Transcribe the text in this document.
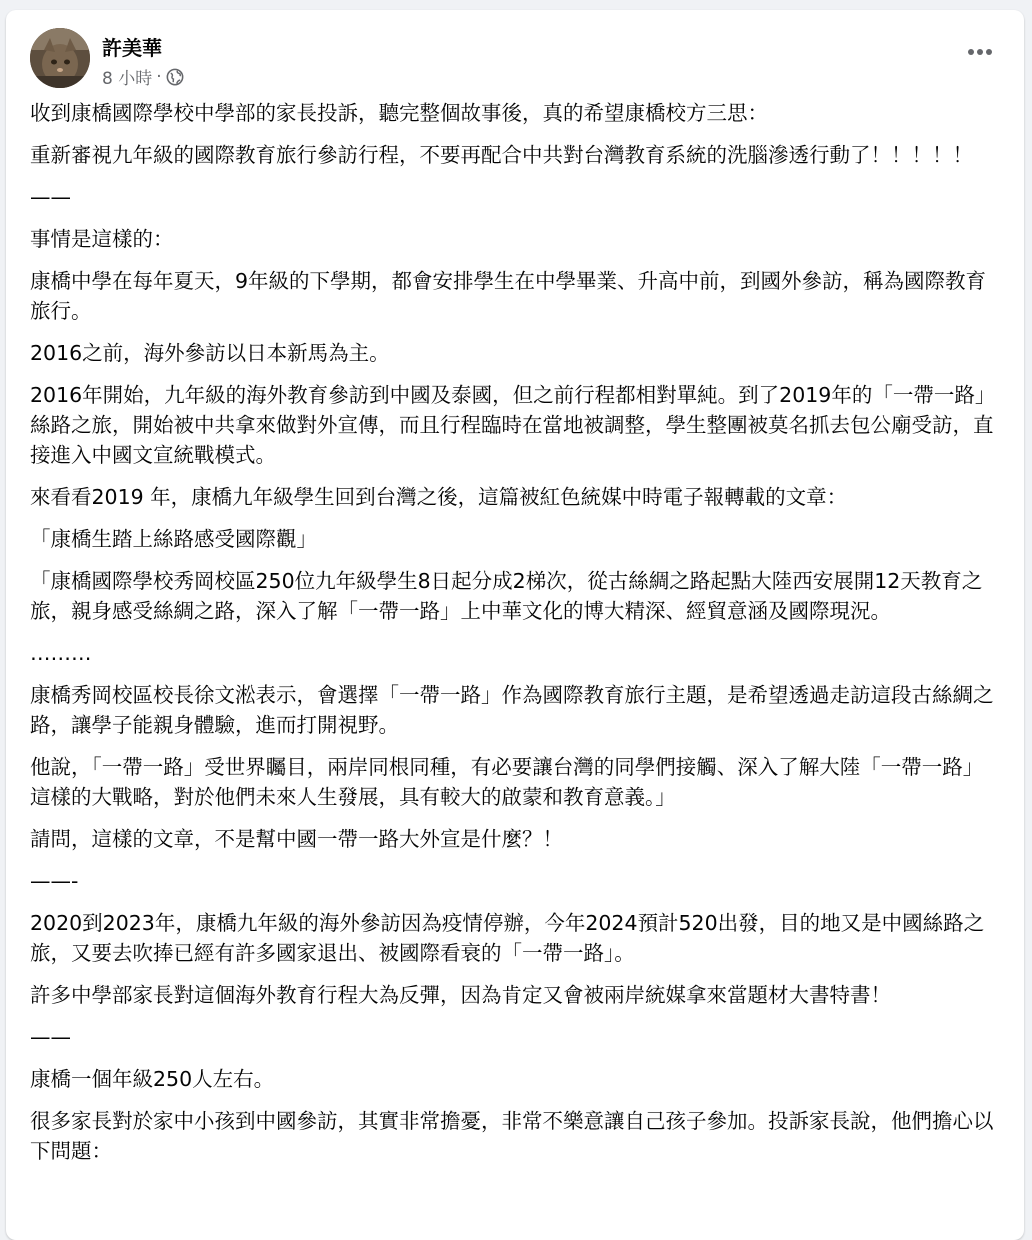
許美華
8 小時 ·

收到康橋國際學校中學部的家長投訴，聽完整個故事後，真的希望康橋校方三思：

重新審視九年級的國際教育旅行參訪行程，不要再配合中共對台灣教育系統的洗腦滲透行動了！！！！！

——

事情是這樣的：

康橋中學在每年夏天，9年級的下學期，都會安排學生在中學畢業、升高中前，到國外參訪，稱為國際教育旅行。

2016之前，海外參訪以日本新馬為主。

2016年開始，九年級的海外教育參訪到中國及泰國，但之前行程都相對單純。到了2019年的「一帶一路」絲路之旅，開始被中共拿來做對外宣傳，而且行程臨時在當地被調整，學生整團被莫名抓去包公廟受訪，直接進入中國文宣統戰模式。

來看看2019 年，康橋九年級學生回到台灣之後，這篇被紅色統媒中時電子報轉載的文章：

「康橋生踏上絲路感受國際觀」

「康橋國際學校秀岡校區250位九年級學生8日起分成2梯次，從古絲綢之路起點大陸西安展開12天教育之旅，親身感受絲綢之路，深入了解「一帶一路」上中華文化的博大精深、經貿意涵及國際現況。

………

康橋秀岡校區校長徐文淞表示，會選擇「一帶一路」作為國際教育旅行主題，是希望透過走訪這段古絲綢之路，讓學子能親身體驗，進而打開視野。

他說，「一帶一路」受世界矚目，兩岸同根同種，有必要讓台灣的同學們接觸、深入了解大陸「一帶一路」這樣的大戰略，對於他們未來人生發展，具有較大的啟蒙和教育意義。」

請問，這樣的文章，不是幫中國一帶一路大外宣是什麼？！

——-

2020到2023年，康橋九年級的海外參訪因為疫情停辦，今年2024預計520出發，目的地又是中國絲路之旅，又要去吹捧已經有許多國家退出、被國際看衰的「一帶一路」。

許多中學部家長對這個海外教育行程大為反彈，因為肯定又會被兩岸統媒拿來當題材大書特書！

——

康橋一個年級250人左右。

很多家長對於家中小孩到中國參訪，其實非常擔憂，非常不樂意讓自己孩子參加。投訴家長說，他們擔心以下問題：
